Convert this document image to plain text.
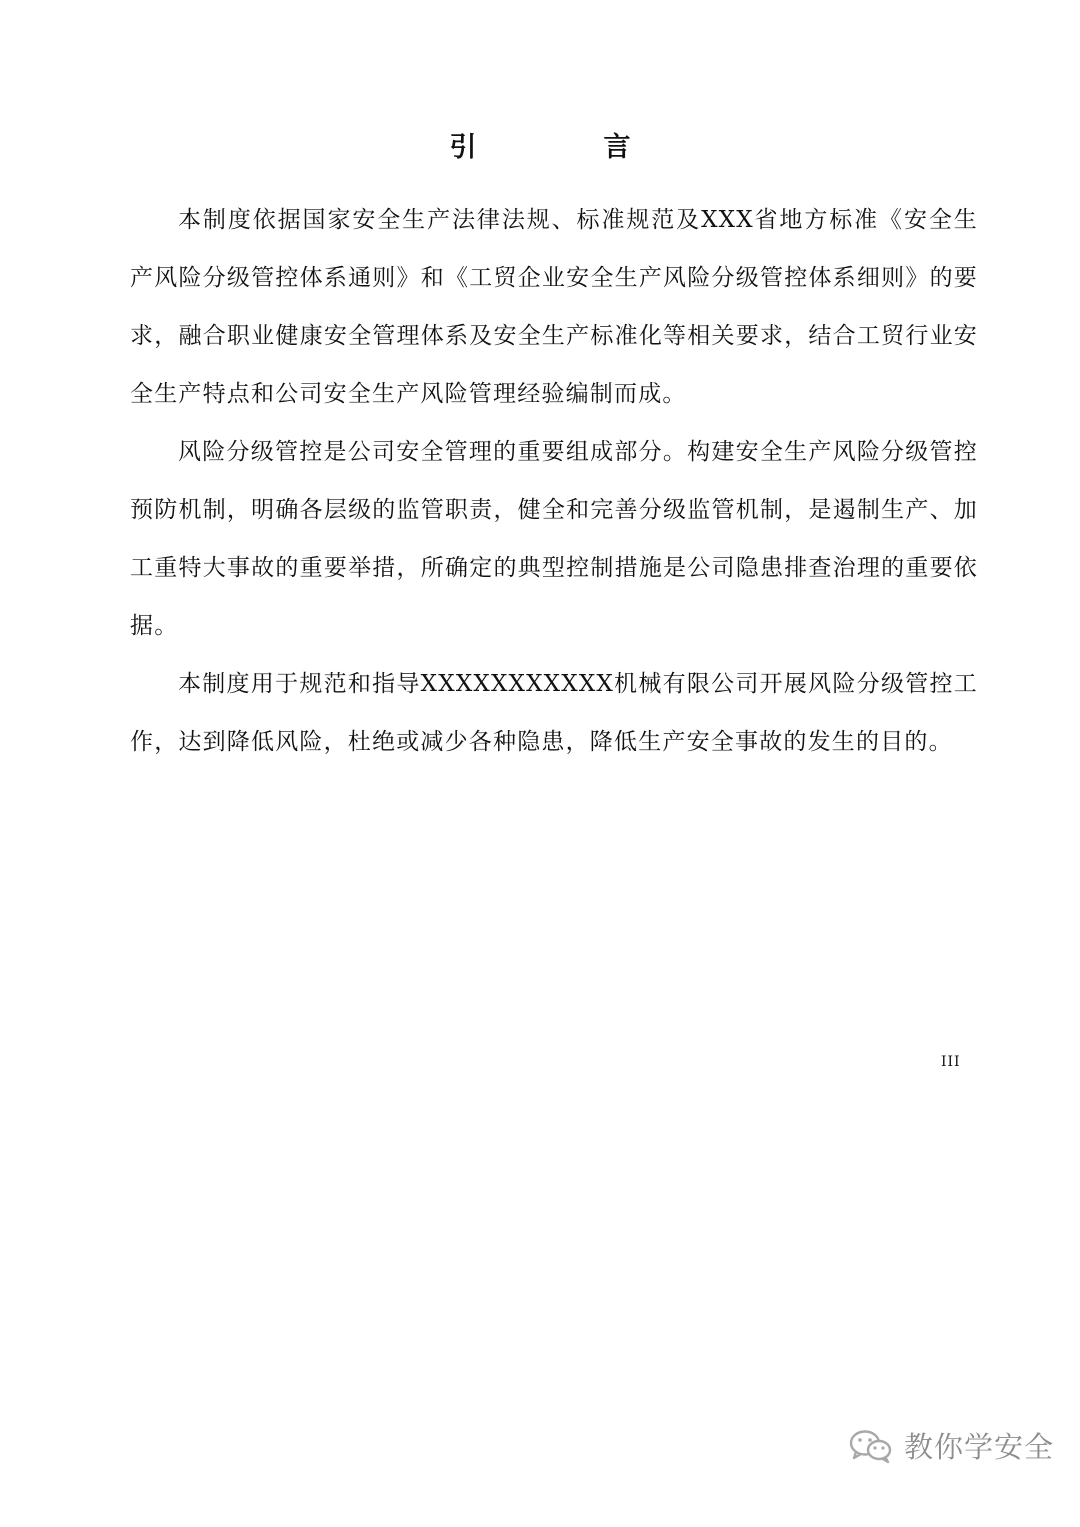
引　言

本制度依据国家安全生产法律法规、标准规范及XXX省地方标准《安全生产风险分级管控体系通则》和《工贸企业安全生产风险分级管控体系细则》的要求，融合职业健康安全管理体系及安全生产标准化等相关要求，结合工贸行业安全生产特点和公司安全生产风险管理经验编制而成。

风险分级管控是公司安全管理的重要组成部分。构建安全生产风险分级管控预防机制，明确各层级的监管职责，健全和完善分级监管机制，是遏制生产、加工重特大事故的重要举措，所确定的典型控制措施是公司隐患排查治理的重要依据。

本制度用于规范和指导XXXXXXXXXXX机械有限公司开展风险分级管控工作，达到降低风险，杜绝或减少各种隐患，降低生产安全事故的发生的目的。

III
教你学安全
